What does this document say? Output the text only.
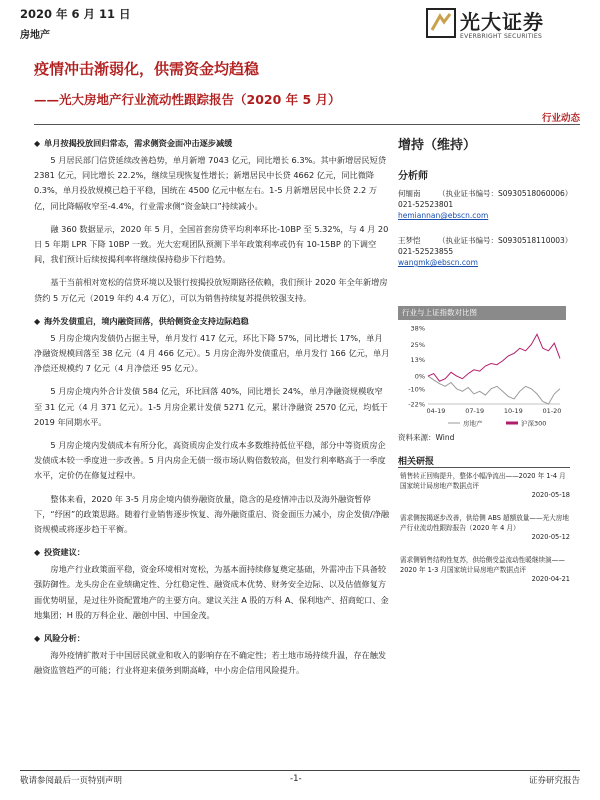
2020 年 6 月 11 日
房地产
光大证券
EVERBRIGHT SECURITIES
疫情冲击渐弱化，供需资金均趋稳
——光大房地产行业流动性跟踪报告（2020 年 5 月）
行业动态
◆ 单月按揭投放回归常态，需求侧资金面冲击逐步减缓

5 月居民部门信贷延续改善趋势，单月新增 7043 亿元，同比增长 6.3%。其中新增居民短贷 2381 亿元，同比增长 22.2%，继续呈现恢复性增长；新增居民中长贷 4662 亿元，同比微降 0.3%，单月投放规模已趋于平稳，国统在 4500 亿元中枢左右。1-5 月新增居民中长贷 2.2 万亿，同比降幅收窄至-4.4%，行业需求侧“资金缺口”持续减小。

融 360 数据显示，2020 年 5 月，全国首套房贷平均利率环比-10BP 至 5.32%，与 4 月 20 日 5 年期 LPR 下降 10BP 一致。光大宏观团队预测下半年政策利率或仍有 10-15BP 的下调空间，我们预计后续按揭利率将继续保持稳步下行趋势。

基于当前相对宽松的信贷环境以及银行按揭投放短期路径依赖，我们预计 2020 年全年新增房贷约 5 万亿元（2019 年约 4.4 万亿），可以为销售持续复苏提供较强支持。

◆ 海外发债重启，境内融资回落，供给侧资金支持边际趋稳

5 月房企境内发债仍占据主导，单月发行 417 亿元，环比下降 57%，同比增长 17%，单月净融资规模回落至 38 亿元（4 月 466 亿元）。5 月房企海外发债重启，单月发行 166 亿元，单月净偿还规模约 7 亿元（4 月净偿还 95 亿元）。

5 月房企境内外合计发债 584 亿元，环比回落 40%，同比增长 24%，单月净融资规模收窄至 31 亿元（4 月 371 亿元）。1-5 月房企累计发债 5271 亿元，累计净融资 2570 亿元，均低于 2019 年同期水平。

5 月房企境内发债成本有所分化，高资质房企发行成本多数维持低位平稳，部分中等资质房企发债成本较一季度进一步改善。5 月内房企无债一级市场认购倍数较高，但发行利率略高于一季度水平，定价仍在修复过程中。

整体来看，2020 年 3-5 月房企境内债券融资放量，隐含的是疫情冲击以及海外融资暂停下，“纾困”的政策思路。随着行业销售逐步恢复、海外融资重启、资金面压力减小，房企发债/净融资规模或将逐步趋于平衡。

◆ 投资建议：

房地产行业政策面平稳，资金环境相对宽松，为基本面持续修复奠定基础，外需冲击下具备较强防御性。龙头房企在业绩确定性、分红稳定性、融资成本优势、财务安全边际、以及估值修复方面优势明显，是过往外资配置地产的主要方向。建议关注 A 股的万科 A、保利地产、招商蛇口、金地集团；H 股的万科企业、融创中国、中国金茂。

◆ 风险分析：

海外疫情扩散对于中国居民就业和收入的影响存在不确定性；若土地市场持续升温，存在触发融资监管趋严的可能；行业将迎来债务到期高峰，中小房企信用风险提升。

增持（维持）
分析师
何缅南 （执业证书编号：S0930518060006）
021-52523801
hemiannan@ebscn.com
王梦恺 （执业证书编号：S0930518110003）
021-52523855
wangmk@ebscn.com
行业与上证指数对比图
38%
25%
13%
0%
-10%
-22%
04-19	07-19	10-19	01-20
房地产	沪深300
资料来源：Wind
相关研报
销售转正回购提升，整体小幅净流出——2020 年 1-4 月国家统计局房地产数据点评
2020-05-18
需求侧按揭逐步改善，供给侧 ABS 超额放量——光大房地产行业流动性跟踪报告（2020 年 4 月）
2020-05-12
需求侧销售结构性复苏，供给侧受益流动性暖继续演——2020 年 1-3 月国家统计局房地产数据点评
2020-04-21
敬请参阅最后一页特别声明	-1-	证券研究报告
